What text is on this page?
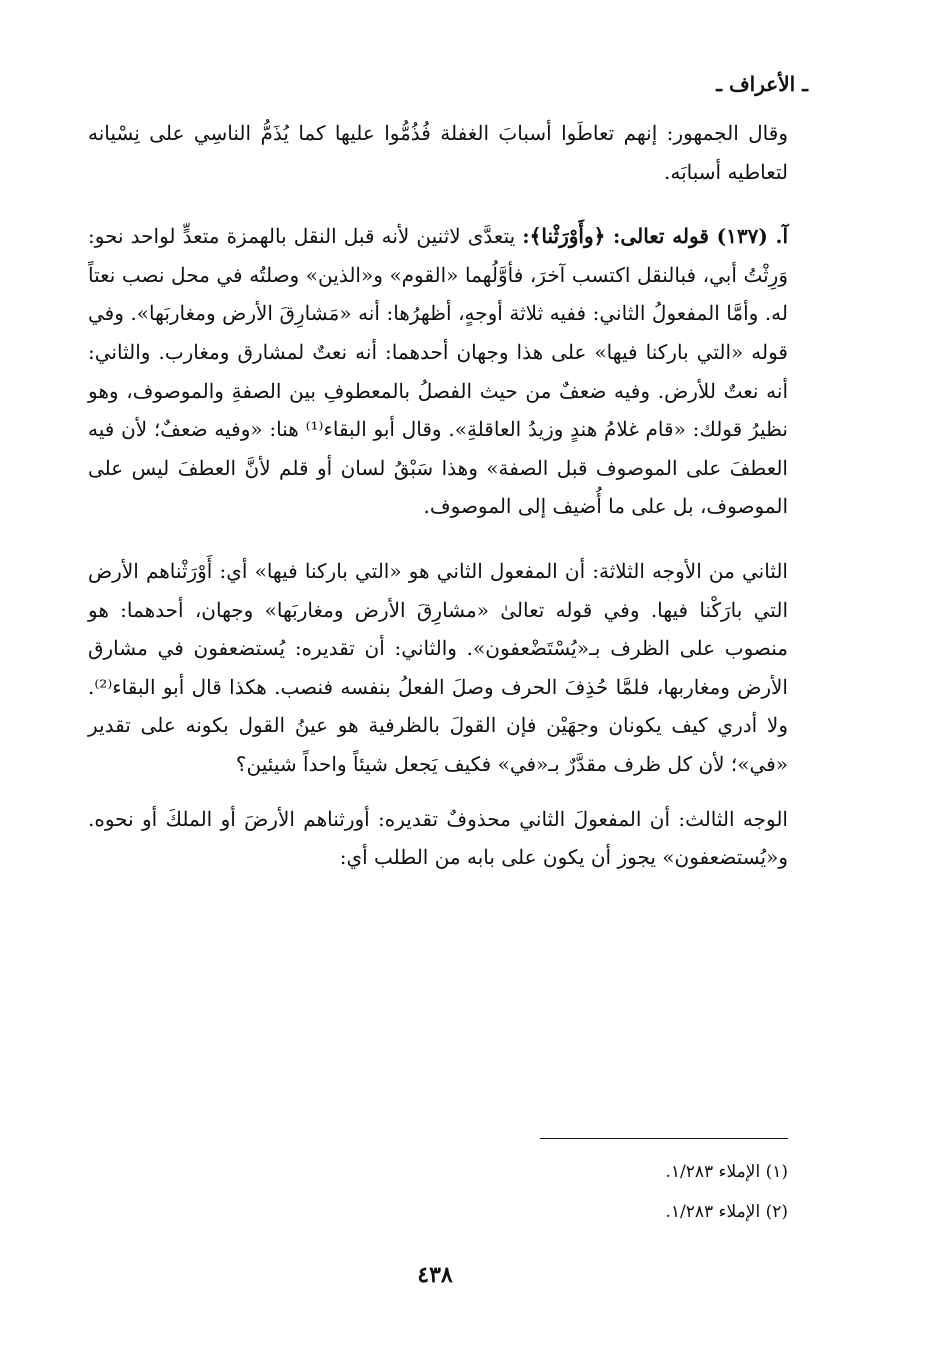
ـ الأعراف ـ

وقال الجمهور: إنهم تعاطَوا أسبابَ الغفلة فُذُمُّوا عليها كما يُذَمُّ الناسِي على نِسْيانه لتعاطيه أسبابَه.

آ. (١٣٧) قوله تعالى: ﴿وأَوْرَثْنا﴾: يتعدَّى لاثنين لأنه قبل النقل بالهمزة متعدٍّ لواحد نحو: وَرِثْتُ أبي، فبالنقل اكتسب آخرَ، فأوَّلُهما «القوم» و«الذين» وصلتُه في محل نصب نعتاً له. وأمَّا المفعولُ الثاني: ففيه ثلاثة أوجهٍ، أظهرُها: أنه «مَشارِقَ الأرض ومغاربَها». وفي قوله «التي باركنا فيها» على هذا وجهان أحدهما: أنه نعتٌ لمشارق ومغارب. والثاني: أنه نعتٌ للأرض. وفيه ضعفٌ من حيث الفصلُ بالمعطوفِ بين الصفةِ والموصوف، وهو نظيرُ قولك: «قام غلامُ هندٍ وزيدُ العاقلةِ». وقال أبو البقاء⁽¹⁾ هنا: «وفيه ضعفٌ؛ لأن فيه العطفَ على الموصوف قبل الصفة» وهذا سَبْقُ لسان أو قلم لأنَّ العطفَ ليس على الموصوف، بل على ما أُضيف إلى الموصوف.

الثاني من الأوجه الثلاثة: أن المفعول الثاني هو «التي باركنا فيها» أي: أَوْرَثْناهم الأرض التي بارَكْنا فيها. وفي قوله تعالىٰ «مشارِقَ الأرض ومغاربَها» وجهان، أحدهما: هو منصوب على الظرف بـ«يُسْتَضْعفون». والثاني: أن تقديره: يُستضعفون في مشارق الأرض ومغاربها، فلمَّا حُذِفَ الحرف وصلَ الفعلُ بنفسه فنصب. هكذا قال أبو البقاء⁽²⁾. ولا أدري كيف يكونان وجهَيْن فإن القولَ بالظرفية هو عينُ القول بكونه على تقدير «في»؛ لأن كل ظرف مقدَّرٌ بـ«في» فكيف يَجعل شيئاً واحداً شيئين؟

الوجه الثالث: أن المفعولَ الثاني محذوفٌ تقديره: أورثناهم الأرضَ أو الملكَ أو نحوه. و«يُستضعفون» يجوز أن يكون على بابه من الطلب أي:

(١) الإملاء ١/٢٨٣.
(٢) الإملاء ١/٢٨٣.
٤٣٨
